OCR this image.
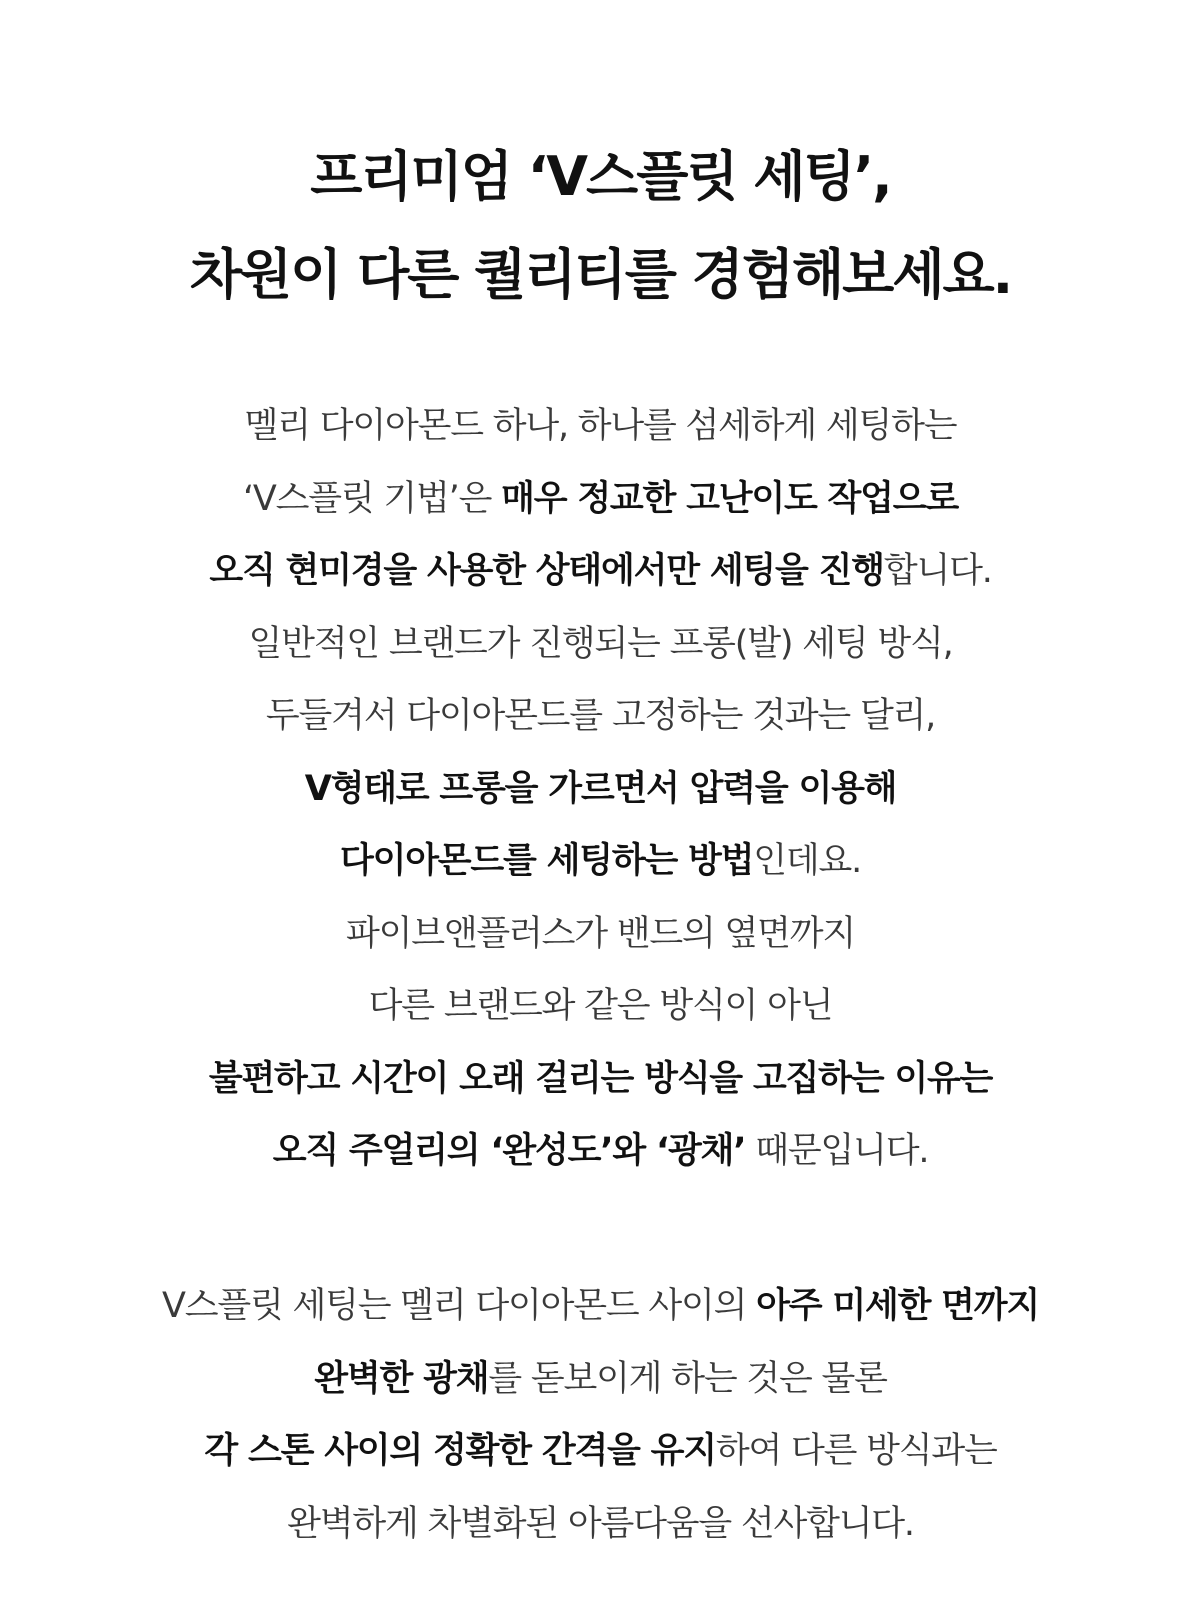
프리미엄 ‘V스플릿 세팅’,
차원이 다른 퀄리티를 경험해보세요.
멜리 다이아몬드 하나, 하나를 섬세하게 세팅하는
‘V스플릿 기법’은 매우 정교한 고난이도 작업으로
오직 현미경을 사용한 상태에서만 세팅을 진행합니다.
일반적인 브랜드가 진행되는 프롱(발) 세팅 방식,
두들겨서 다이아몬드를 고정하는 것과는 달리,
V형태로 프롱을 가르면서 압력을 이용해
다이아몬드를 세팅하는 방법인데요.
파이브앤플러스가 밴드의 옆면까지
다른 브랜드와 같은 방식이 아닌
불편하고 시간이 오래 걸리는 방식을 고집하는 이유는
오직 주얼리의 ‘완성도’와 ‘광채’ 때문입니다.
V스플릿 세팅는 멜리 다이아몬드 사이의 아주 미세한 면까지
완벽한 광채를 돋보이게 하는 것은 물론
각 스톤 사이의 정확한 간격을 유지하여 다른 방식과는
완벽하게 차별화된 아름다움을 선사합니다.
